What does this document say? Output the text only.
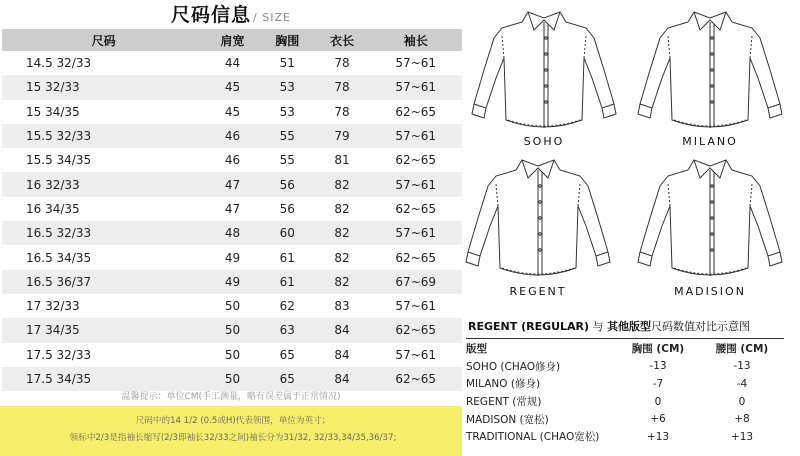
尺码信息 / SIZE
尺码	肩宽	胸围	衣长	袖长
14.5 32/33	44	51	78	57~61
15 32/33	45	53	78	57~61
15 34/35	45	53	78	62~65
15.5 32/33	46	55	79	57~61
15.5 34/35	46	55	81	62~65
16 32/33	47	56	82	57~61
16 34/35	47	56	82	62~65
16.5 32/33	48	60	82	57~61
16.5 34/35	49	61	82	62~65
16.5 36/37	49	61	82	67~69
17 32/33	50	62	83	57~61
17 34/35	50	63	84	62~65
17.5 32/33	50	65	84	57~61
17.5 34/35	50	65	84	62~65
温馨提示：单位CM(手工测量，略有误差属于正常情况)
尺码中的14 1/2 (0.5或H)代表领围，单位为英寸；
领标中2/3是指袖长缩写(2/3即袖长32/33之间)袖长分为31/32, 32/33,34/35,36/37;
SOHO	MILANO
REGENT	MADISION
REGENT (REGULAR) 与 其他版型尺码数值对比示意图
版型	胸围 (CM)	腰围 (CM)
SOHO (CHAO修身)	-13	-13
MILANO (修身)	-7	-4
REGENT (常规)	0	0
MADISON (宽松)	+6	+8
TRADITIONAL (CHAO宽松)	+13	+13
